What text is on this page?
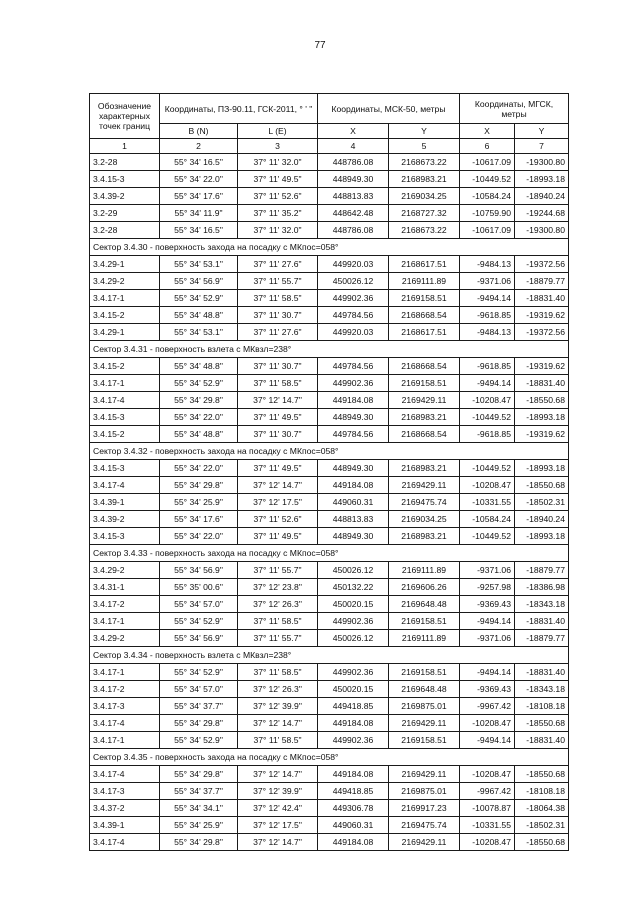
77
Обозначение характерных точек границ	Координаты, ПЗ-90.11, ГСК-2011, ° ' "		Координаты, МСК-50, метры		Координаты, МГСК, метры	
	B (N)	L (E)	X	Y	X	Y
1	2	3	4	5	6	7
3.2-28	55° 34' 16.5"	37° 11' 32.0"	448786.08	2168673.22	-10617.09	-19300.80
3.4.15-3	55° 34' 22.0"	37° 11' 49.5"	448949.30	2168983.21	-10449.52	-18993.18
3.4.39-2	55° 34' 17.6"	37° 11' 52.6"	448813.83	2169034.25	-10584.24	-18940.24
3.2-29	55° 34' 11.9"	37° 11' 35.2"	448642.48	2168727.32	-10759.90	-19244.68
3.2-28	55° 34' 16.5"	37° 11' 32.0"	448786.08	2168673.22	-10617.09	-19300.80
Сектор 3.4.30 - поверхность захода на посадку с МКпос=058°						
3.4.29-1	55° 34' 53.1"	37° 11' 27.6"	449920.03	2168617.51	-9484.13	-19372.56
3.4.29-2	55° 34' 56.9"	37° 11' 55.7"	450026.12	2169111.89	-9371.06	-18879.77
3.4.17-1	55° 34' 52.9"	37° 11' 58.5"	449902.36	2169158.51	-9494.14	-18831.40
3.4.15-2	55° 34' 48.8"	37° 11' 30.7"	449784.56	2168668.54	-9618.85	-19319.62
3.4.29-1	55° 34' 53.1"	37° 11' 27.6"	449920.03	2168617.51	-9484.13	-19372.56
Сектор 3.4.31 - поверхность взлета с МКвзл=238°						
3.4.15-2	55° 34' 48.8"	37° 11' 30.7"	449784.56	2168668.54	-9618.85	-19319.62
3.4.17-1	55° 34' 52.9"	37° 11' 58.5"	449902.36	2169158.51	-9494.14	-18831.40
3.4.17-4	55° 34' 29.8"	37° 12' 14.7"	449184.08	2169429.11	-10208.47	-18550.68
3.4.15-3	55° 34' 22.0"	37° 11' 49.5"	448949.30	2168983.21	-10449.52	-18993.18
3.4.15-2	55° 34' 48.8"	37° 11' 30.7"	449784.56	2168668.54	-9618.85	-19319.62
Сектор 3.4.32 - поверхность захода на посадку с МКпос=058°						
3.4.15-3	55° 34' 22.0"	37° 11' 49.5"	448949.30	2168983.21	-10449.52	-18993.18
3.4.17-4	55° 34' 29.8"	37° 12' 14.7"	449184.08	2169429.11	-10208.47	-18550.68
3.4.39-1	55° 34' 25.9"	37° 12' 17.5"	449060.31	2169475.74	-10331.55	-18502.31
3.4.39-2	55° 34' 17.6"	37° 11' 52.6"	448813.83	2169034.25	-10584.24	-18940.24
3.4.15-3	55° 34' 22.0"	37° 11' 49.5"	448949.30	2168983.21	-10449.52	-18993.18
Сектор 3.4.33 - поверхность захода на посадку с МКпос=058°						
3.4.29-2	55° 34' 56.9"	37° 11' 55.7"	450026.12	2169111.89	-9371.06	-18879.77
3.4.31-1	55° 35' 00.6"	37° 12' 23.8"	450132.22	2169606.26	-9257.98	-18386.98
3.4.17-2	55° 34' 57.0"	37° 12' 26.3"	450020.15	2169648.48	-9369.43	-18343.18
3.4.17-1	55° 34' 52.9"	37° 11' 58.5"	449902.36	2169158.51	-9494.14	-18831.40
3.4.29-2	55° 34' 56.9"	37° 11' 55.7"	450026.12	2169111.89	-9371.06	-18879.77
Сектор 3.4.34 - поверхность взлета с МКвзл=238°						
3.4.17-1	55° 34' 52.9"	37° 11' 58.5"	449902.36	2169158.51	-9494.14	-18831.40
3.4.17-2	55° 34' 57.0"	37° 12' 26.3"	450020.15	2169648.48	-9369.43	-18343.18
3.4.17-3	55° 34' 37.7"	37° 12' 39.9"	449418.85	2169875.01	-9967.42	-18108.18
3.4.17-4	55° 34' 29.8"	37° 12' 14.7"	449184.08	2169429.11	-10208.47	-18550.68
3.4.17-1	55° 34' 52.9"	37° 11' 58.5"	449902.36	2169158.51	-9494.14	-18831.40
Сектор 3.4.35 - поверхность захода на посадку с МКпос=058°						
3.4.17-4	55° 34' 29.8"	37° 12' 14.7"	449184.08	2169429.11	-10208.47	-18550.68
3.4.17-3	55° 34' 37.7"	37° 12' 39.9"	449418.85	2169875.01	-9967.42	-18108.18
3.4.37-2	55° 34' 34.1"	37° 12' 42.4"	449306.78	2169917.23	-10078.87	-18064.38
3.4.39-1	55° 34' 25.9"	37° 12' 17.5"	449060.31	2169475.74	-10331.55	-18502.31
3.4.17-4	55° 34' 29.8"	37° 12' 14.7"	449184.08	2169429.11	-10208.47	-18550.68
